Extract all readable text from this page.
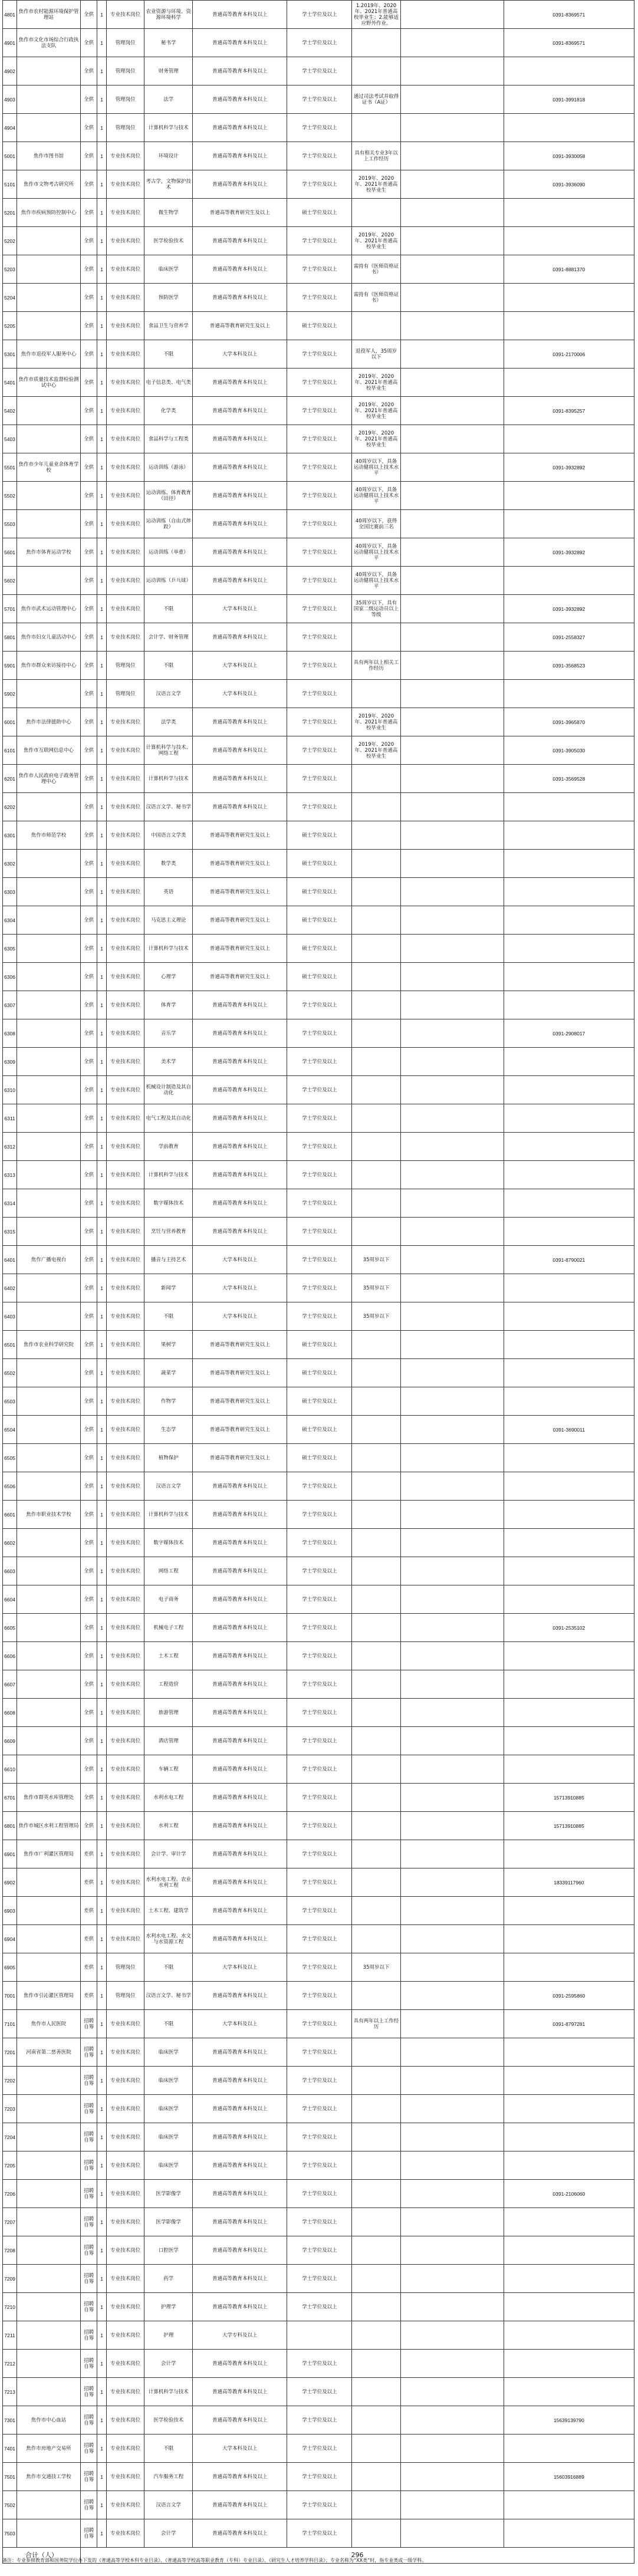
4801	焦作市农村能源环境保护管理站	全供	1	专业技术岗位	农业资源与环境、资源环境科学	普通高等教育本科及以上	学士学位及以上	1.2019年、2020年、2021年普通高校毕业生；2.能够适应野外作业。		0391-8369571
4901	焦作市文化市场综合行政执法支队	全供	1	管理岗位	秘书学	普通高等教育本科及以上	学士学位及以上			0391-8369571
4902		全供	1	管理岗位	财务管理	普通高等教育本科及以上	学士学位及以上			
4903		全供	1	管理岗位	法学	普通高等教育本科及以上	学士学位及以上	通过司法考试并取得证书（A证）		0391-3991818
4904		全供	1	管理岗位	计算机科学与技术	普通高等教育本科及以上	学士学位及以上			
5001	焦作市图书馆	全供	1	专业技术岗位	环境设计	普通高等教育本科及以上	学士学位及以上	具有相关专业3年以上工作经历		0391-3930058
5101	焦作市文物考古研究所	全供	1	专业技术岗位	考古学，文物保护技术	普通高等教育本科及以上	学士学位及以上	2019年、2020年、2021年普通高校毕业生		0391-3936090
5201	焦作市疾病预防控制中心	全供	1	专业技术岗位	微生物学	普通高等教育研究生及以上	硕士学位及以上			
5202		全供	1	专业技术岗位	医学检验技术	普通高等教育本科及以上	学士学位及以上	2019年、2020年、2021年普通高校毕业生		
5203		全供	1	专业技术岗位	临床医学	普通高等教育本科及以上	学士学位及以上	需持有《医师资格证书》		0391-8881370
5204		全供	1	专业技术岗位	预防医学	普通高等教育本科及以上	学士学位及以上	需持有《医师资格证书》		
5205		全供	1	专业技术岗位	食品卫生与营养学	普通高等教育研究生及以上	硕士学位及以上			
5301	焦作市退役军人服务中心	全供	1	专业技术岗位	不限	大学本科及以上	学士学位及以上	退役军人，35周岁以下		0391-2170006
5401	焦作市质量技术监督检验测试中心	全供	1	专业技术岗位	电子信息类、电气类	普通高等教育本科及以上	学士学位及以上	2019年、2020年、2021年普通高校毕业生		
5402		全供	1	专业技术岗位	化学类	普通高等教育本科及以上	学士学位及以上	2019年、2020年、2021年普通高校毕业生		0391-8395257
5403		全供	1	专业技术岗位	食品科学与工程类	普通高等教育本科及以上	学士学位及以上	2019年、2020年、2021年普通高校毕业生		
5501	焦作市少年儿童业余体育学校	全供	1	专业技术岗位	运动训练（游泳）	普通高等教育本科及以上	学士学位及以上	40周岁以下，具备运动健将以上技术水平		0391-3932892
5502		全供	1	专业技术岗位	运动训练、体育教育（田径）	普通高等教育本科及以上	学士学位及以上	40周岁以下，具备运动健将以上技术水平		
5503		全供	1	专业技术岗位	运动训练（自由式摔跤）	普通高等教育本科及以上	学士学位及以上	40周岁以下，获得全国比赛前三名		
5601	焦作市体育运动学校	全供	1	专业技术岗位	运动训练（举重）	普通高等教育本科及以上	学士学位及以上	40周岁以下，具备运动健将以上技术水平		0391-3932892
5602		全供	1	专业技术岗位	运动训练（乒乓球）	普通高等教育本科及以上	学士学位及以上	40周岁以下，具备运动健将以上技术水平		
5701	焦作市武术运动管理中心	全供	1	专业技术岗位	不限	大学本科及以上	学士学位及以上	35周岁以下，具有国家二级运动员以上等级		0391-3932892
5801	焦作市妇女儿童活动中心	全供	1	专业技术岗位	会计学、财务管理	普通高等教育本科及以上	学士学位及以上			0391-2558327
5901	焦作市群众来访接待中心	全供	1	管理岗位	不限	大学本科及以上	学士学位及以上	具有两年以上相关工作经历		0391-3568523
5902		全供	1	管理岗位	汉语言文学	大学本科及以上	学士学位及以上			
6001	焦作市法律援助中心	全供	1	专业技术岗位	法学类	普通高等教育本科及以上	学士学位及以上	2019年、2020年、2021年普通高校毕业生		0391-3965870
6101	焦作市互联网信息中心	全供	1	专业技术岗位	计算机科学与技术、网络工程	普通高等教育本科及以上	学士学位及以上	2019年、2020年、2021年普通高校毕业生		0391-3905030
6201	焦作市人民政府电子政务管理中心	全供	1	专业技术岗位	计算机科学与技术	普通高等教育本科及以上	学士学位及以上			0391-3569528
6202		全供	1	专业技术岗位	汉语言文学、秘书学	普通高等教育本科及以上	学士学位及以上			
6301	焦作市师范学校	全供	1	专业技术岗位	中国语言文学类	普通高等教育研究生及以上	硕士学位及以上			
6302		全供	1	专业技术岗位	数学类	普通高等教育研究生及以上	硕士学位及以上			
6303		全供	1	专业技术岗位	英语	普通高等教育研究生及以上	硕士学位及以上			
6304		全供	1	专业技术岗位	马克思主义理论	普通高等教育研究生及以上	硕士学位及以上			
6305		全供	1	专业技术岗位	计算机科学与技术	普通高等教育研究生及以上	硕士学位及以上			
6306		全供	1	专业技术岗位	心理学	普通高等教育研究生及以上	硕士学位及以上			
6307		全供	1	专业技术岗位	体育学	普通高等教育本科及以上	学士学位及以上			
6308		全供	1	专业技术岗位	音乐学	普通高等教育本科及以上	学士学位及以上			0391-2908017
6309		全供	1	专业技术岗位	美术学	普通高等教育本科及以上	学士学位及以上			
6310		全供	1	专业技术岗位	机械设计制造及其自动化	普通高等教育本科及以上	学士学位及以上			
6311		全供	1	专业技术岗位	电气工程及其自动化	普通高等教育本科及以上	学士学位及以上			
6312		全供	1	专业技术岗位	学前教育	普通高等教育本科及以上	学士学位及以上			
6313		全供	1	专业技术岗位	计算机科学与技术	普通高等教育本科及以上	学士学位及以上			
6314		全供	1	专业技术岗位	数字媒体技术	普通高等教育本科及以上	学士学位及以上			
6315		全供	1	专业技术岗位	烹饪与营养教育	普通高等教育本科及以上	学士学位及以上			
6401	焦作广播电视台	全供	1	专业技术岗位	播音与主持艺术	大学本科及以上	学士学位及以上	35周岁以下		0391-8790021
6402		全供	1	专业技术岗位	新闻学	大学本科及以上	学士学位及以上	35周岁以下		
6403		全供	1	专业技术岗位	不限	大学本科及以上	学士学位及以上	35周岁以下		
6501	焦作市农业科学研究院	全供	1	专业技术岗位	果树学	普通高等教育研究生及以上	硕士学位及以上			
6502		全供	1	专业技术岗位	蔬菜学	普通高等教育研究生及以上	硕士学位及以上			
6503		全供	1	专业技术岗位	作物学	普通高等教育研究生及以上	硕士学位及以上			
6504		全供	1	专业技术岗位	生态学	普通高等教育研究生及以上	硕士学位及以上			0391-3690011
6505		全供	1	专业技术岗位	植物保护	普通高等教育研究生及以上	硕士学位及以上			
6506		全供	1	专业技术岗位	汉语言文学	普通高等教育本科及以上	学士学位及以上			
6601	焦作市职业技术学校	全供	1	专业技术岗位	计算机科学与技术	普通高等教育本科及以上	学士学位及以上			
6602		全供	1	专业技术岗位	数字媒体技术	普通高等教育本科及以上	学士学位及以上			
6603		全供	1	专业技术岗位	网络工程	普通高等教育本科及以上	学士学位及以上			
6604		全供	1	专业技术岗位	电子商务	普通高等教育本科及以上	学士学位及以上			
6605		全供	1	专业技术岗位	机械电子工程	普通高等教育本科及以上	学士学位及以上			0391-2535102
6606		全供	1	专业技术岗位	土木工程	普通高等教育本科及以上	学士学位及以上			
6607		全供	1	专业技术岗位	工程造价	普通高等教育本科及以上	学士学位及以上			
6608		全供	1	专业技术岗位	旅游管理	普通高等教育本科及以上	学士学位及以上			
6609		全供	1	专业技术岗位	酒店管理	普通高等教育本科及以上	学士学位及以上			
6610		全供	1	专业技术岗位	车辆工程	普通高等教育本科及以上	学士学位及以上			
6701	焦作市群英水库管理处	全供	1	专业技术岗位	水利水电工程	普通高等教育本科及以上	学士学位及以上			15713910885
6801	焦作市城区水利工程管理局	全供	1	专业技术岗位	水利工程	普通高等教育本科及以上	学士学位及以上			15713910885
6901	焦作市广利灌区管理局	差供	1	专业技术岗位	会计学、审计学	普通高等教育本科及以上	学士学位及以上			
6902		差供	1	专业技术岗位	水利水电工程、农业水利工程	普通高等教育本科及以上	学士学位及以上			18339117960
6903		差供	1	专业技术岗位	土木工程、建筑学	普通高等教育本科及以上	学士学位及以上			
6904		差供	1	专业技术岗位	水利水电工程、水文与水资源工程	普通高等教育本科及以上	学士学位及以上			
6905		差供	1	管理岗位	不限	大学本科及以上	学士学位及以上	35周岁以下		
7001	焦作市引沁灌区管理局	差供	1	管理岗位	汉语言文学、秘书学	普通高等教育本科及以上	学士学位及以上			0391-2595860
7101	焦作市人民医院	招聘自筹	1	专业技术岗位	不限	大学本科及以上	学士学位及以上	具有两年以上工作经历		0391-8797281
7201	河南省第二慈善医院	招聘自筹	1	专业技术岗位	临床医学	普通高等教育本科及以上	学士学位及以上			
7202		招聘自筹	1	专业技术岗位	临床医学	普通高等教育本科及以上	学士学位及以上			
7203		招聘自筹	1	专业技术岗位	临床医学	普通高等教育本科及以上	学士学位及以上			
7204		招聘自筹	1	专业技术岗位	临床医学	普通高等教育本科及以上	学士学位及以上			
7205		招聘自筹	1	专业技术岗位	临床医学	普通高等教育本科及以上	学士学位及以上			
7206		招聘自筹	1	专业技术岗位	医学影像学	普通高等教育本科及以上	学士学位及以上			0391-2106060
7207		招聘自筹	1	专业技术岗位	医学影像学	普通高等教育本科及以上	学士学位及以上			
7208		招聘自筹	1	专业技术岗位	口腔医学	普通高等教育本科及以上	学士学位及以上			
7209		招聘自筹	1	专业技术岗位	药学	普通高等教育本科及以上	学士学位及以上			
7210		招聘自筹	1	专业技术岗位	护理学	普通高等教育本科及以上	学士学位及以上			
7211		招聘自筹	1	专业技术岗位	护理	大学专科及以上				
7212		招聘自筹	1	专业技术岗位	会计学	普通高等教育本科及以上	学士学位及以上			
7213		招聘自筹	1	专业技术岗位	计算机科学与技术	普通高等教育本科及以上	学士学位及以上			
7301	焦作市中心血站	招聘自筹	1	专业技术岗位	医学检验技术	普通高等教育本科及以上	学士学位及以上			15639139790
7401	焦作市房地产交易所	招聘自筹	1	专业技术岗位	不限	大学本科及以上	学士学位及以上			
7501	焦作市交通技工学校	招聘自筹	1	专业技术岗位	汽车服务工程	普通高等教育本科及以上	学士学位及以上			15603916889
7502		招聘自筹	1	专业技术岗位	汉语言文学	普通高等教育本科及以上	学士学位及以上			
7503		招聘自筹	1	专业技术岗位	会计学	普通高等教育本科及以上	学士学位及以上			
合计（人）		296								
备注：专业参照教育部和国务院学位办下发的《普通高等学校本科专业目录》、《普通高等学校高等职业教育（专科）专业目录》、《研究生人才培养学科目录》；专业名称为“XX类”时，指专业类或一级学科。
